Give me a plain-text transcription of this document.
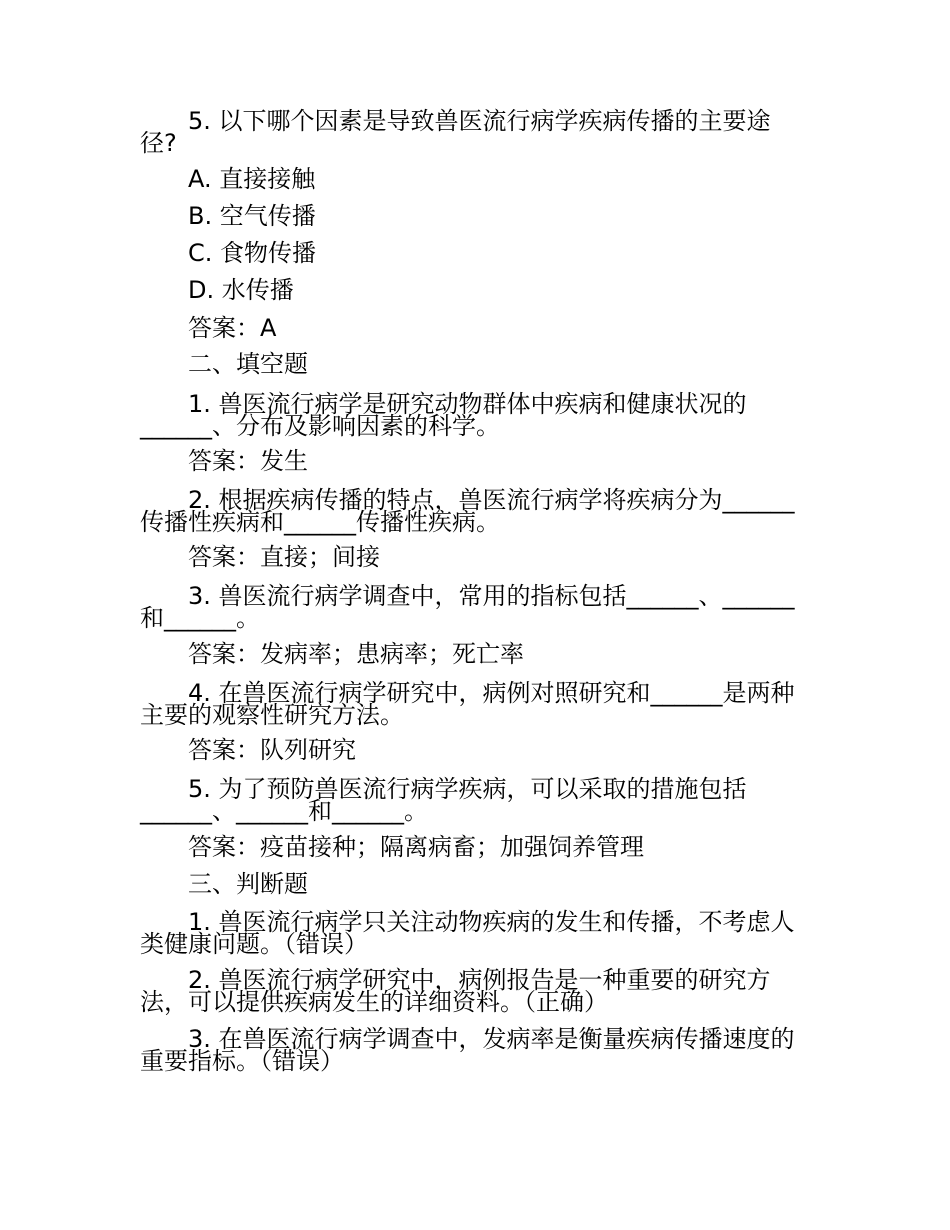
5. 以下哪个因素是导致兽医流行病学疾病传播的主要途
径?
A. 直接接触
B. 空气传播
C. 食物传播
D. 水传播
答案：A
二、填空题
1. 兽医流行病学是研究动物群体中疾病和健康状况的
______、分布及影响因素的科学。
答案：发生
2. 根据疾病传播的特点，兽医流行病学将疾病分为______
传播性疾病和______传播性疾病。
答案：直接；间接
3. 兽医流行病学调查中，常用的指标包括______、______
和______。
答案：发病率；患病率；死亡率
4. 在兽医流行病学研究中，病例对照研究和______是两种
主要的观察性研究方法。
答案：队列研究
5. 为了预防兽医流行病学疾病，可以采取的措施包括
______、______和______。
答案：疫苗接种；隔离病畜；加强饲养管理
三、判断题
1. 兽医流行病学只关注动物疾病的发生和传播，不考虑人
类健康问题。（错误）
2. 兽医流行病学研究中，病例报告是一种重要的研究方
法，可以提供疾病发生的详细资料。（正确）
3. 在兽医流行病学调查中，发病率是衡量疾病传播速度的
重要指标。（错误）
